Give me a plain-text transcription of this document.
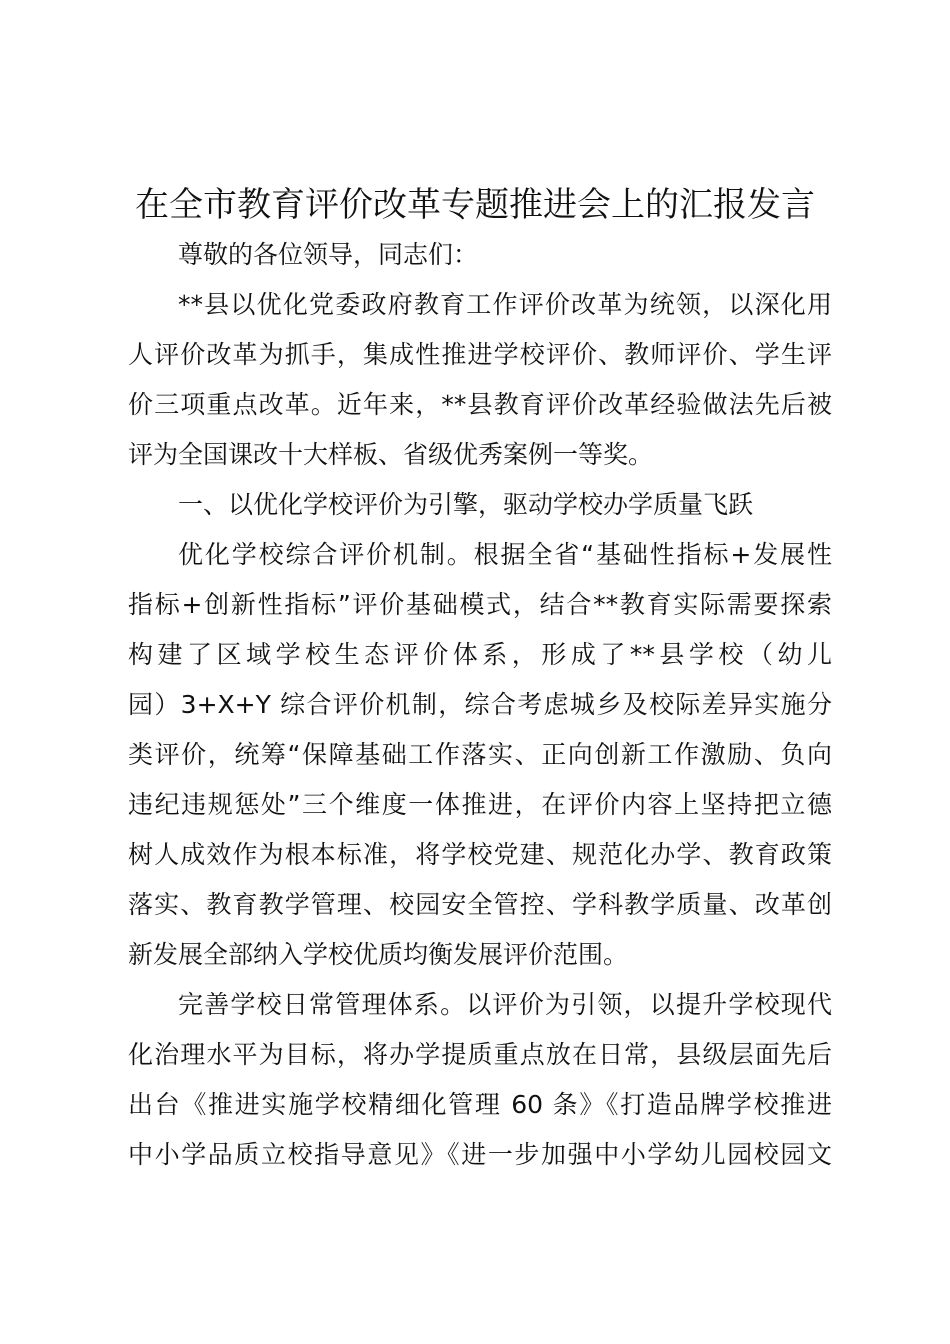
在全市教育评价改革专题推进会上的汇报发言
尊敬的各位领导，同志们：
**县以优化党委政府教育工作评价改革为统领，以深化用
人评价改革为抓手，集成性推进学校评价、教师评价、学生评
价三项重点改革。近年来，**县教育评价改革经验做法先后被
评为全国课改十大样板、省级优秀案例一等奖。
一、以优化学校评价为引擎，驱动学校办学质量飞跃
优化学校综合评价机制。根据全省“基础性指标+发展性
指标+创新性指标”评价基础模式，结合**教育实际需要探索
构建了区域学校生态评价体系，形成了**县学校（幼儿
园）3+X+Y 综合评价机制，综合考虑城乡及校际差异实施分
类评价，统筹“保障基础工作落实、正向创新工作激励、负向
违纪违规惩处”三个维度一体推进，在评价内容上坚持把立德
树人成效作为根本标准，将学校党建、规范化办学、教育政策
落实、教育教学管理、校园安全管控、学科教学质量、改革创
新发展全部纳入学校优质均衡发展评价范围。
完善学校日常管理体系。以评价为引领，以提升学校现代
化治理水平为目标，将办学提质重点放在日常，县级层面先后
出台《推进实施学校精细化管理 60 条》《打造品牌学校推进
中小学品质立校指导意见》《进一步加强中小学幼儿园校园文
